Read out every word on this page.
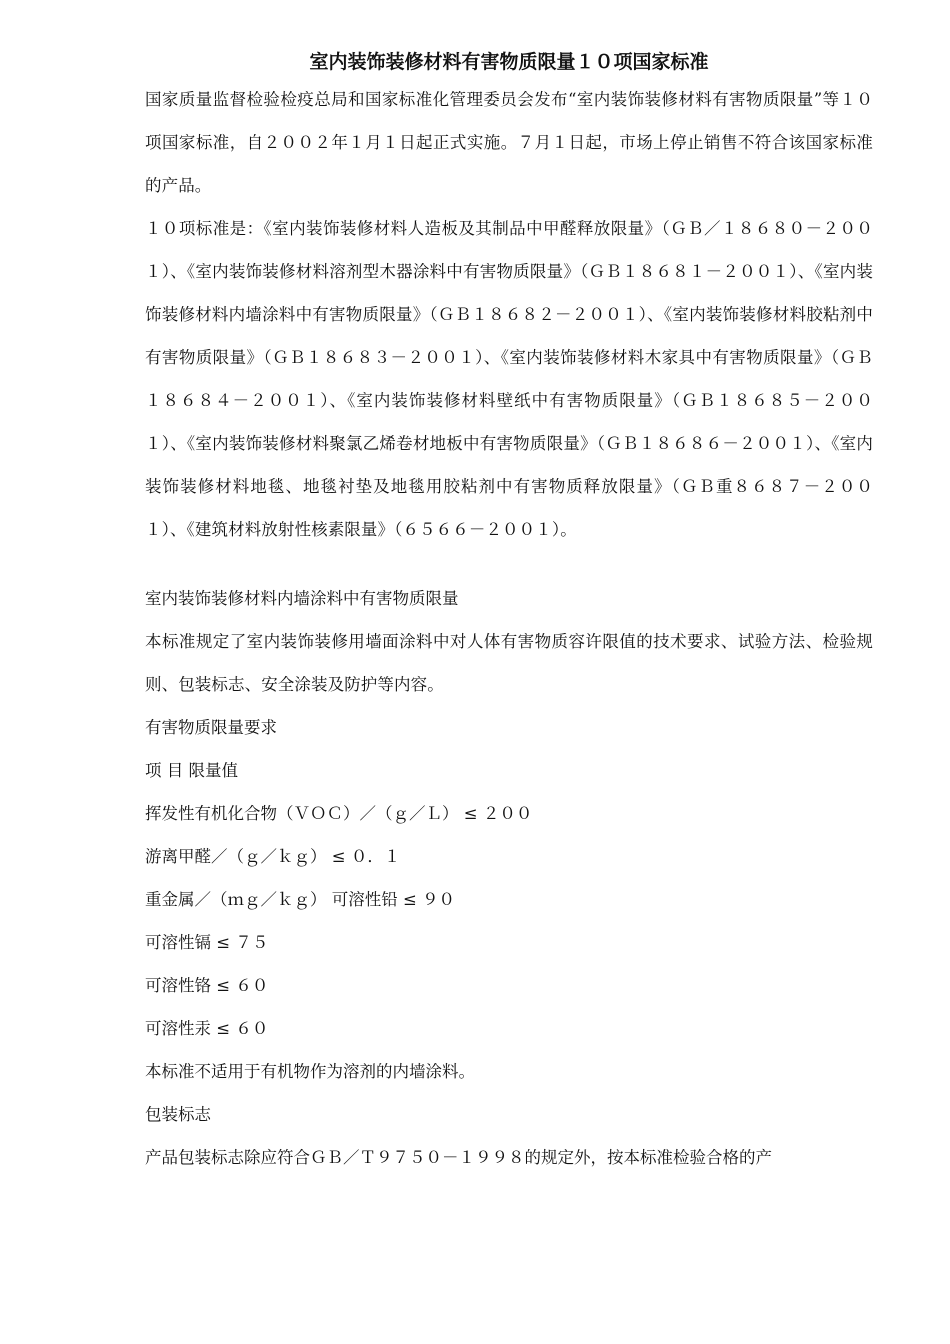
室内装饰装修材料有害物质限量１０项国家标准

国家质量监督检验检疫总局和国家标准化管理委员会发布“室内装饰装修材料有害物质限量”等１０项国家标准，自２００２年１月１日起正式实施。７月１日起，市场上停止销售不符合该国家标准的产品。

１０项标准是：《室内装饰装修材料人造板及其制品中甲醛释放限量》（ＧＢ／１８６８０－２００１）、《室内装饰装修材料溶剂型木器涂料中有害物质限量》（ＧＢ１８６８１－２００１）、《室内装饰装修材料内墙涂料中有害物质限量》（ＧＢ１８６８２－２００１）、《室内装饰装修材料胶粘剂中有害物质限量》（ＧＢ１８６８３－２００１）、《室内装饰装修材料木家具中有害物质限量》（ＧＢ１８６８４－２００１）、《室内装饰装修材料壁纸中有害物质限量》（ＧＢ１８６８５－２００１）、《室内装饰装修材料聚氯乙烯卷材地板中有害物质限量》（ＧＢ１８６８６－２００１）、《室内装饰装修材料地毯、地毯衬垫及地毯用胶粘剂中有害物质释放限量》（ＧＢ重８６８７－２００１）、《建筑材料放射性核素限量》（６５６６－２００１）。

室内装饰装修材料内墙涂料中有害物质限量

本标准规定了室内装饰装修用墙面涂料中对人体有害物质容许限值的技术要求、试验方法、检验规则、包装标志、安全涂装及防护等内容。

有害物质限量要求

项 目 限量值

挥发性有机化合物（ＶＯＣ）／（ｇ／Ｌ） ≤ ２００

游离甲醛／（ｇ／ｋｇ） ≤ ０．１

重金属／（ｍｇ／ｋｇ） 可溶性铅 ≤ ９０

可溶性镉 ≤ ７５

可溶性铬 ≤ ６０

可溶性汞 ≤ ６０

本标准不适用于有机物作为溶剂的内墙涂料。

包装标志

产品包装标志除应符合ＧＢ／Ｔ９７５０－１９９８的规定外，按本标准检验合格的产
